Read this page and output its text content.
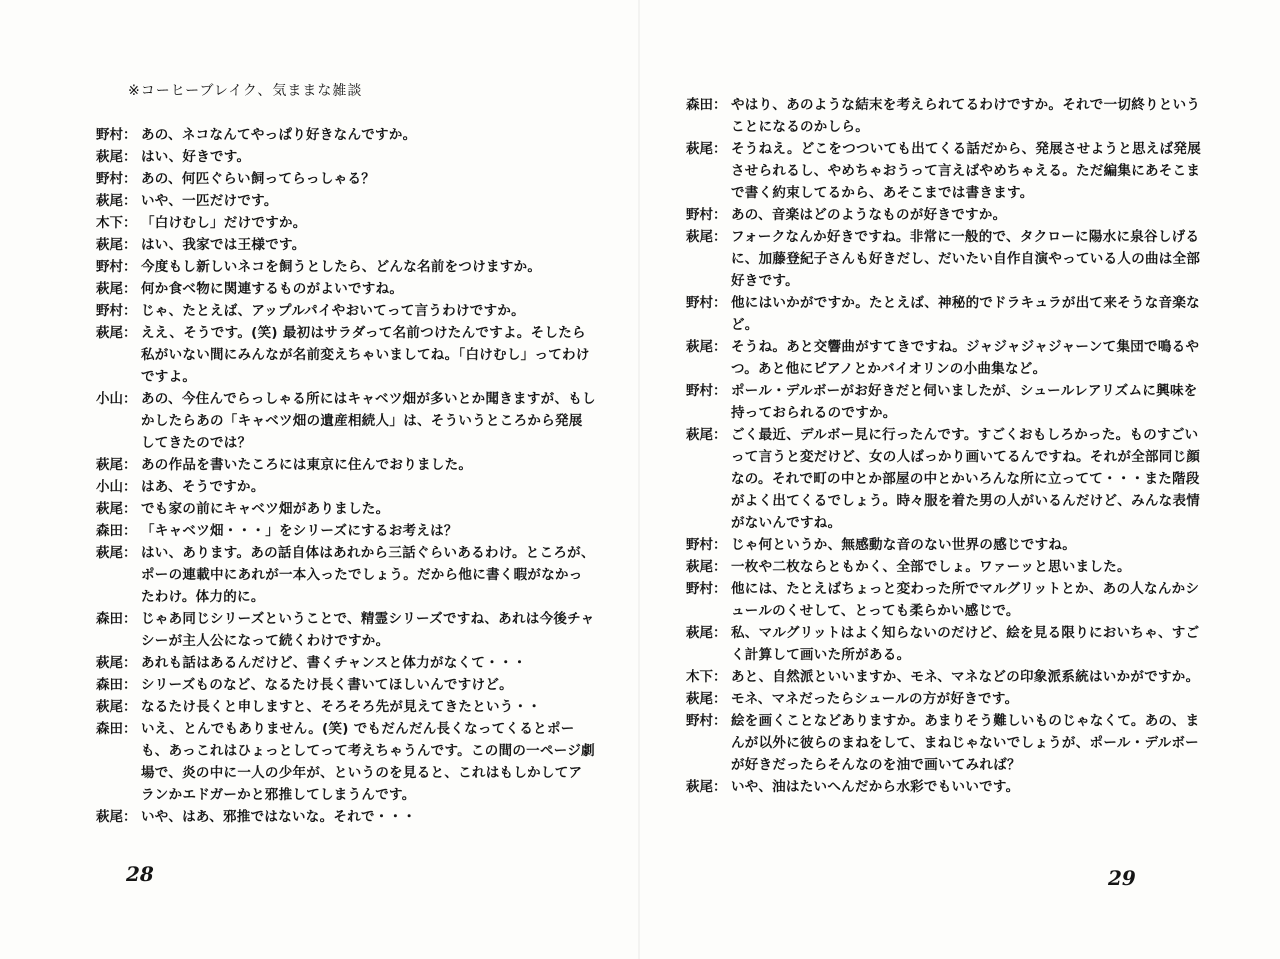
※コーヒーブレイク、気ままな雑談
野村： あの、ネコなんてやっぱり好きなんですか。
萩尾： はい、好きです。
野村： あの、何匹ぐらい飼ってらっしゃる？
萩尾： いや、一匹だけです。
木下： 「白けむし」だけですか。
萩尾： はい、我家では王様です。
野村： 今度もし新しいネコを飼うとしたら、どんな名前をつけますか。
萩尾： 何か食べ物に関連するものがよいですね。
野村： じゃ、たとえば、アップルパイやおいてって言うわけですか。
萩尾： ええ、そうです。(笑) 最初はサラダって名前つけたんですよ。そしたら私がいない間にみんなが名前変えちゃいましてね。「白けむし」ってわけですよ。
小山： あの、今住んでらっしゃる所にはキャベツ畑が多いとか聞きますが、もしかしたらあの「キャベツ畑の遺産相続人」は、そういうところから発展してきたのでは？
萩尾： あの作品を書いたころには東京に住んでおりました。
小山： はあ、そうですか。
萩尾： でも家の前にキャベツ畑がありました。
森田： 「キャベツ畑・・・」をシリーズにするお考えは？
萩尾： はい、あります。あの話自体はあれから三話ぐらいあるわけ。ところが、ポーの連載中にあれが一本入ったでしょう。だから他に書く暇がなかったわけ。体力的に。
森田： じゃあ同じシリーズということで、精霊シリーズですね、あれは今後チャシーが主人公になって続くわけですか。
萩尾： あれも話はあるんだけど、書くチャンスと体力がなくて・・・
森田： シリーズものなど、なるたけ長く書いてほしいんですけど。
萩尾： なるたけ長くと申しますと、そろそろ先が見えてきたという・・
森田： いえ、とんでもありません。(笑) でもだんだん長くなってくるとポーも、あっこれはひょっとしてって考えちゃうんです。この間の一ページ劇場で、炎の中に一人の少年が、というのを見ると、これはもしかしてアランかエドガーかと邪推してしまうんです。
萩尾： いや、はあ、邪推ではないな。それで・・・
28
森田： やはり、あのような結末を考えられてるわけですか。それで一切終りということになるのかしら。
萩尾： そうねえ。どこをつついても出てくる話だから、発展させようと思えば発展させられるし、やめちゃおうって言えばやめちゃえる。ただ編集にあそこまで書く約束してるから、あそこまでは書きます。
野村： あの、音楽はどのようなものが好きですか。
萩尾： フォークなんか好きですね。非常に一般的で、タクローに陽水に泉谷しげるに、加藤登紀子さんも好きだし、だいたい自作自演やっている人の曲は全部好きです。
野村： 他にはいかがですか。たとえば、神秘的でドラキュラが出て来そうな音楽など。
萩尾： そうね。あと交響曲がすてきですね。ジャジャジャジャーンて集団で鳴るやつ。あと他にピアノとかバイオリンの小曲集など。
野村： ポール・デルボーがお好きだと伺いましたが、シュールレアリズムに興味を持っておられるのですか。
萩尾： ごく最近、デルボー見に行ったんです。すごくおもしろかった。ものすごいって言うと変だけど、女の人ばっかり画いてるんですね。それが全部同じ顔なの。それで町の中とか部屋の中とかいろんな所に立ってて・・・また階段がよく出てくるでしょう。時々服を着た男の人がいるんだけど、みんな表情がないんですね。
野村： じゃ何というか、無感動な音のない世界の感じですね。
萩尾： 一枚や二枚ならともかく、全部でしょ。ワァーッと思いました。
野村： 他には、たとえばちょっと変わった所でマルグリットとか、あの人なんかシュールのくせして、とっても柔らかい感じで。
萩尾： 私、マルグリットはよく知らないのだけど、絵を見る限りにおいちゃ、すごく計算して画いた所がある。
木下： あと、自然派といいますか、モネ、マネなどの印象派系統はいかがですか。
萩尾： モネ、マネだったらシュールの方が好きです。
野村： 絵を画くことなどありますか。あまりそう難しいものじゃなくて。あの、まんが以外に彼らのまねをして、まねじゃないでしょうが、ポール・デルボーが好きだったらそんなのを油で画いてみれば？
萩尾： いや、油はたいへんだから水彩でもいいです。
29
